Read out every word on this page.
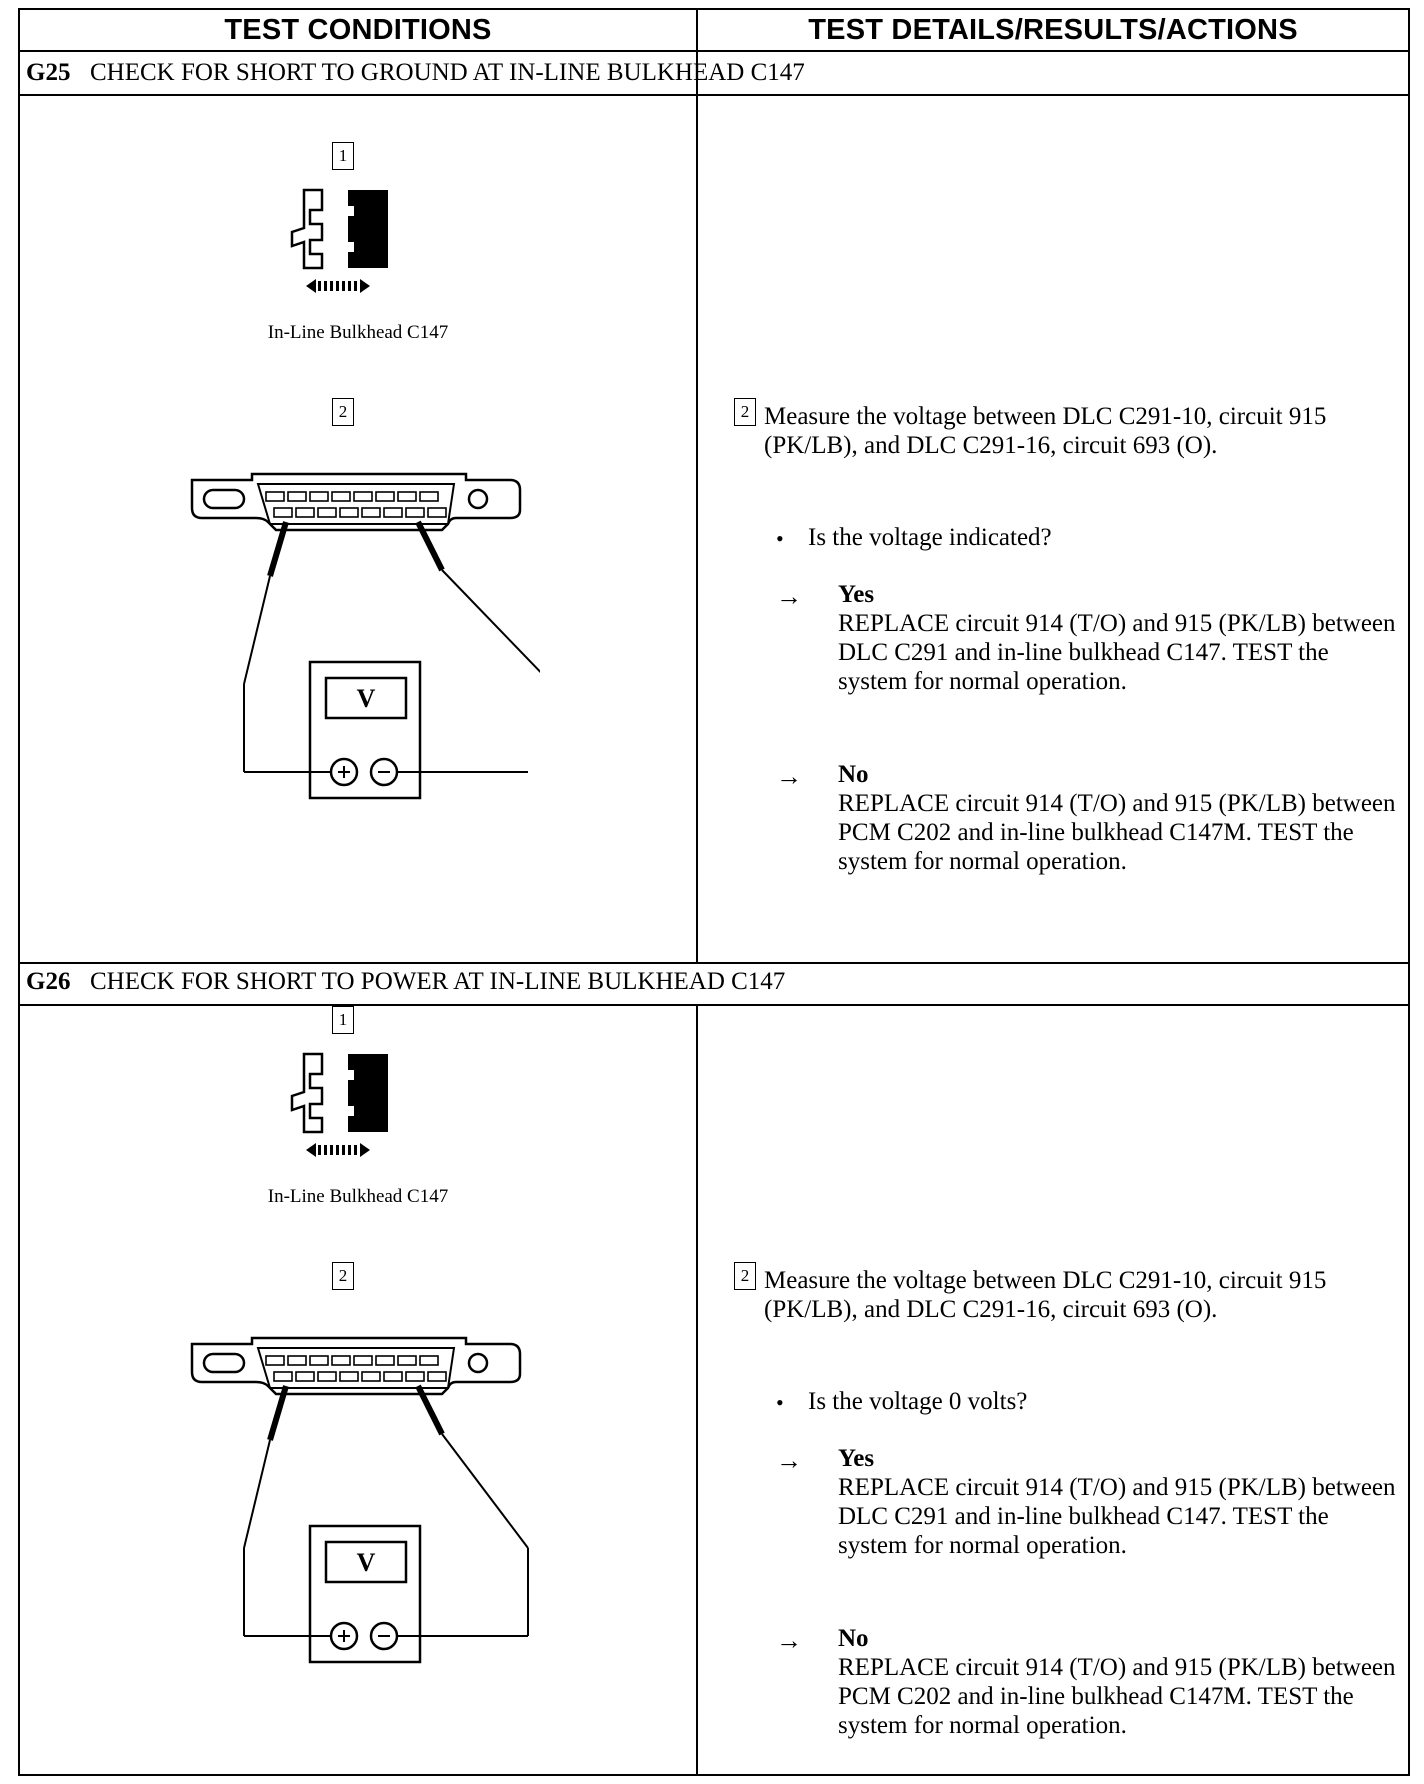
TEST CONDITIONS	TEST DETAILS/RESULTS/ACTIONS
G25 CHECK FOR SHORT TO GROUND AT IN-LINE BULKHEAD C147
1
In-Line Bulkhead C147
2
V
2 Measure the voltage between DLC C291-10, circuit 915 (PK/LB), and DLC C291-16, circuit 693 (O).
• Is the voltage indicated?
→ Yes
REPLACE circuit 914 (T/O) and 915 (PK/LB) between DLC C291 and in-line bulkhead C147. TEST the system for normal operation.
→ No
REPLACE circuit 914 (T/O) and 915 (PK/LB) between PCM C202 and in-line bulkhead C147M. TEST the system for normal operation.
G26 CHECK FOR SHORT TO POWER AT IN-LINE BULKHEAD C147
1
In-Line Bulkhead C147
2
V
2 Measure the voltage between DLC C291-10, circuit 915 (PK/LB), and DLC C291-16, circuit 693 (O).
• Is the voltage 0 volts?
→ Yes
REPLACE circuit 914 (T/O) and 915 (PK/LB) between DLC C291 and in-line bulkhead C147. TEST the system for normal operation.
→ No
REPLACE circuit 914 (T/O) and 915 (PK/LB) between PCM C202 and in-line bulkhead C147M. TEST the system for normal operation.
